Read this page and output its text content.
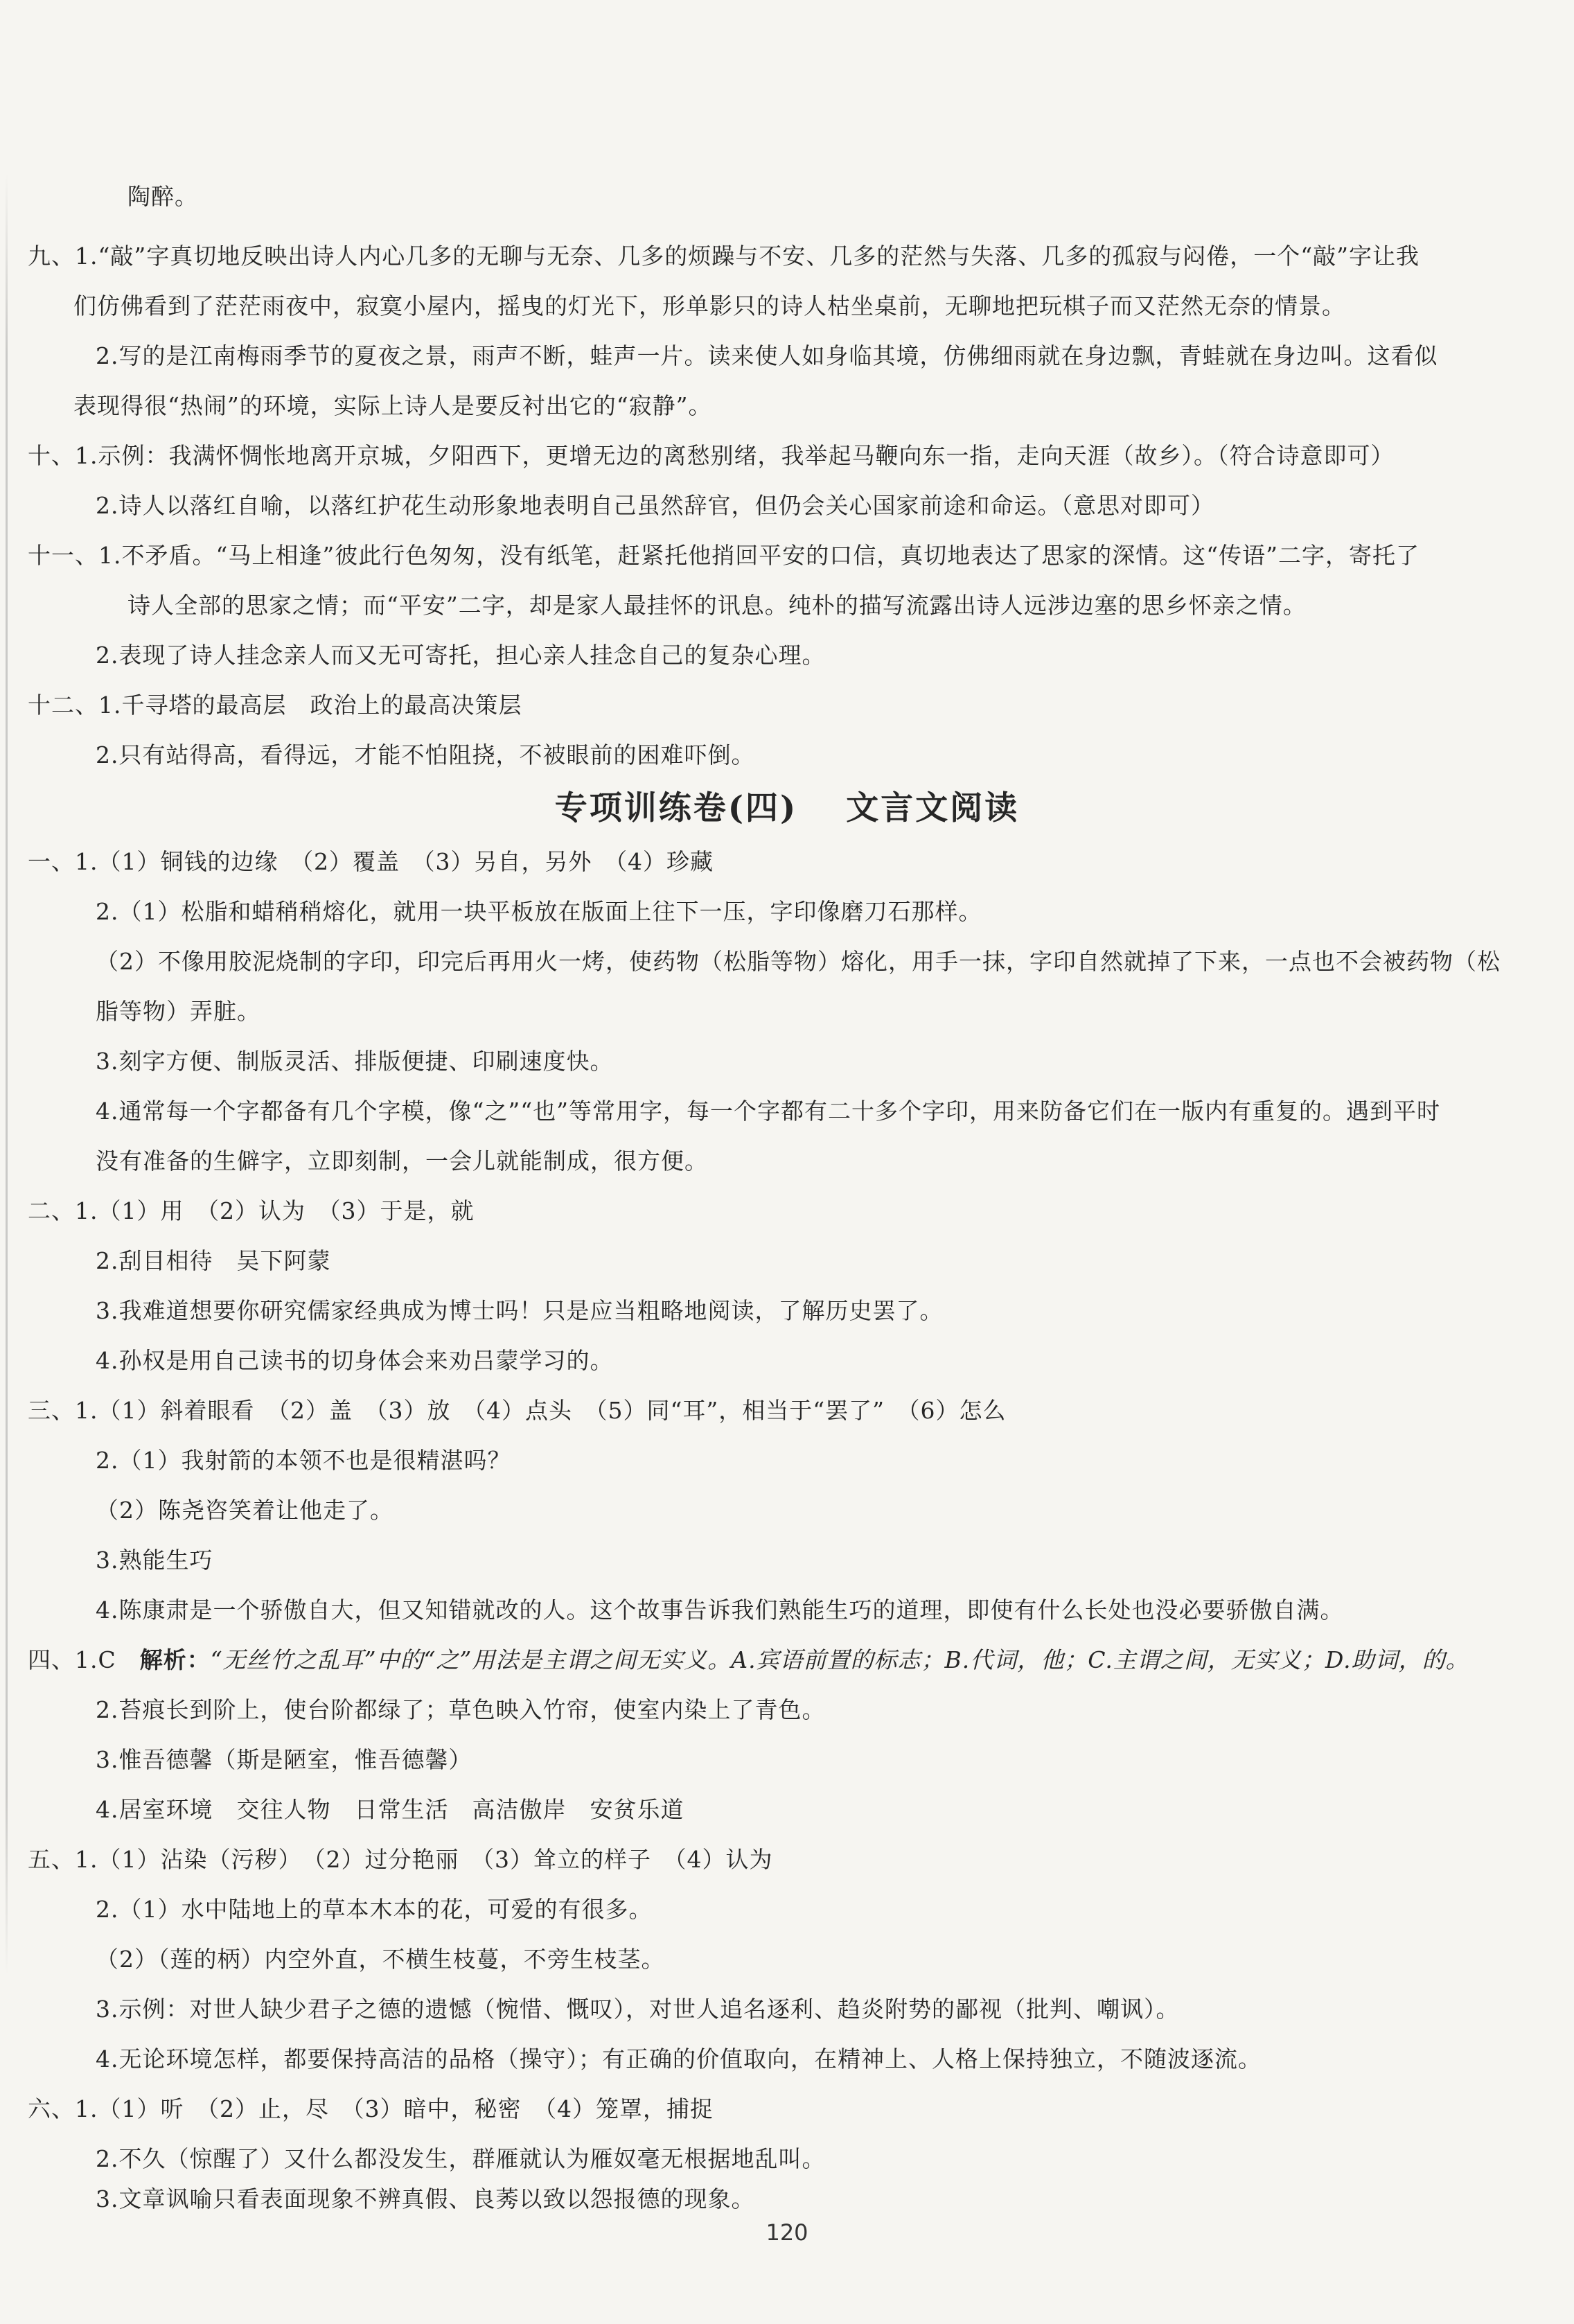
陶醉。
九、1.“敲”字真切地反映出诗人内心几多的无聊与无奈、几多的烦躁与不安、几多的茫然与失落、几多的孤寂与闷倦，一个“敲”字让我
们仿佛看到了茫茫雨夜中，寂寞小屋内，摇曳的灯光下，形单影只的诗人枯坐桌前，无聊地把玩棋子而又茫然无奈的情景。
2.写的是江南梅雨季节的夏夜之景，雨声不断，蛙声一片。读来使人如身临其境，仿佛细雨就在身边飘，青蛙就在身边叫。这看似
表现得很“热闹”的环境，实际上诗人是要反衬出它的“寂静”。
十、1.示例：我满怀惆怅地离开京城，夕阳西下，更增无边的离愁别绪，我举起马鞭向东一指，走向天涯（故乡）。（符合诗意即可）
2.诗人以落红自喻，以落红护花生动形象地表明自己虽然辞官，但仍会关心国家前途和命运。（意思对即可）
十一、1.不矛盾。“马上相逢”彼此行色匆匆，没有纸笔，赶紧托他捎回平安的口信，真切地表达了思家的深情。这“传语”二字，寄托了
诗人全部的思家之情；而“平安”二字，却是家人最挂怀的讯息。纯朴的描写流露出诗人远涉边塞的思乡怀亲之情。
2.表现了诗人挂念亲人而又无可寄托，担心亲人挂念自己的复杂心理。
十二、1.千寻塔的最高层　政治上的最高决策层
2.只有站得高，看得远，才能不怕阻挠，不被眼前的困难吓倒。
专项训练卷(四) 文言文阅读
一、1.（1）铜钱的边缘　（2）覆盖　（3）另自，另外　（4）珍藏
2.（1）松脂和蜡稍稍熔化，就用一块平板放在版面上往下一压，字印像磨刀石那样。
（2）不像用胶泥烧制的字印，印完后再用火一烤，使药物（松脂等物）熔化，用手一抹，字印自然就掉了下来，一点也不会被药物（松
脂等物）弄脏。
3.刻字方便、制版灵活、排版便捷、印刷速度快。
4.通常每一个字都备有几个字模，像“之”“也”等常用字，每一个字都有二十多个字印，用来防备它们在一版内有重复的。遇到平时
没有准备的生僻字，立即刻制，一会儿就能制成，很方便。
二、1.（1）用　（2）认为　（3）于是，就
2.刮目相待　吴下阿蒙
3.我难道想要你研究儒家经典成为博士吗！只是应当粗略地阅读，了解历史罢了。
4.孙权是用自己读书的切身体会来劝吕蒙学习的。
三、1.（1）斜着眼看　（2）盖　（3）放　（4）点头　（5）同“耳”，相当于“罢了”　（6）怎么
2.（1）我射箭的本领不也是很精湛吗？
（2）陈尧咨笑着让他走了。
3.熟能生巧
4.陈康肃是一个骄傲自大，但又知错就改的人。这个故事告诉我们熟能生巧的道理，即使有什么长处也没必要骄傲自满。
四、1.C　解析：“无丝竹之乱耳”中的“之”用法是主谓之间无实义。A.宾语前置的标志；B.代词，他；C.主谓之间，无实义；D.助词，的。
2.苔痕长到阶上，使台阶都绿了；草色映入竹帘，使室内染上了青色。
3.惟吾德馨（斯是陋室，惟吾德馨）
4.居室环境　交往人物　日常生活　高洁傲岸　安贫乐道
五、1.（1）沾染（污秽）　（2）过分艳丽　（3）耸立的样子　（4）认为
2.（1）水中陆地上的草本木本的花，可爱的有很多。
（2）（莲的柄）内空外直，不横生枝蔓，不旁生枝茎。
3.示例：对世人缺少君子之德的遗憾（惋惜、慨叹），对世人追名逐利、趋炎附势的鄙视（批判、嘲讽）。
4.无论环境怎样，都要保持高洁的品格（操守）；有正确的价值取向，在精神上、人格上保持独立，不随波逐流。
六、1.（1）听　（2）止，尽　（3）暗中，秘密　（4）笼罩，捕捉
2.不久（惊醒了）又什么都没发生，群雁就认为雁奴毫无根据地乱叫。
3.文章讽喻只看表面现象不辨真假、良莠以致以怨报德的现象。
120
